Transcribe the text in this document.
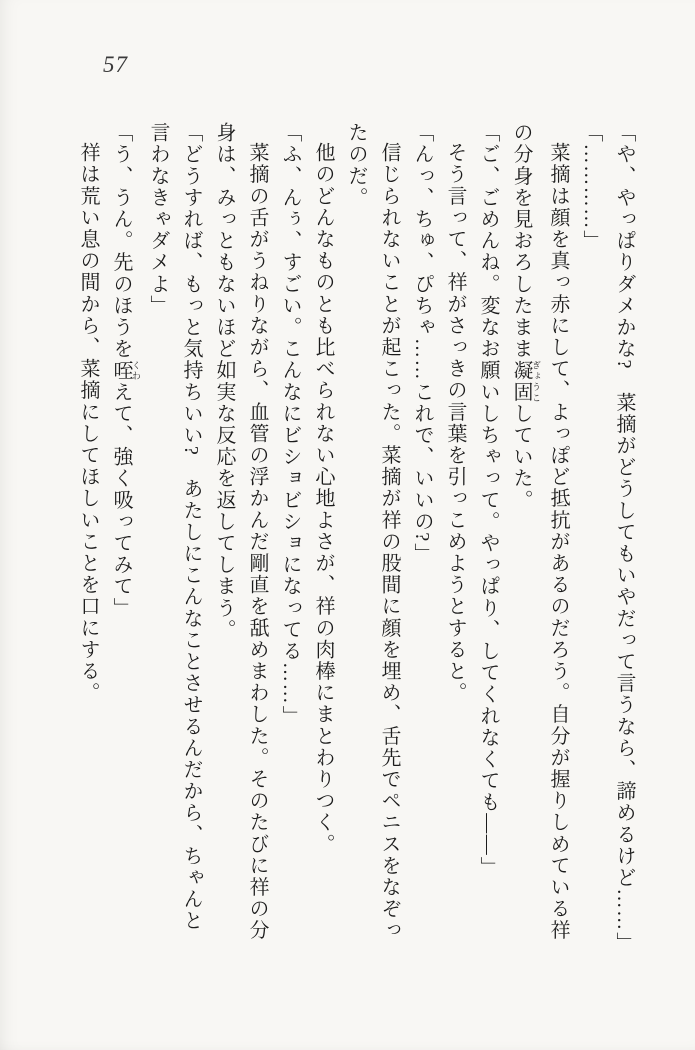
57
「や、やっぱりダメかな?　菜摘がどうしてもいやだって言うなら、諦めるけど……」
「…………」
菜摘は顔を真っ赤にして、よっぽど抵抗があるのだろう。自分が握りしめている祥
の分身を見おろしたまま凝固 ぎょうこしていた。
「ご、ごめんね。変なお願いしちゃって。やっぱり、してくれなくても――」
そう言って、祥がさっきの言葉を引っこめようとすると。
「んっ、ちゅ、ぴちゃ……これで、いいの?」
信じられないことが起こった。菜摘が祥の股間に顔を埋め、舌先でペニスをなぞっ
たのだ。
他のどんなものとも比べられない心地よさが、祥の肉棒にまとわりつく。
「ふ、んぅ、すごい。こんなにビショビショになってる……」
菜摘の舌がうねりながら、血管の浮かんだ剛直を舐めまわした。そのたびに祥の分
身は、みっともないほど如実な反応を返してしまう。
「どうすれば、もっと気持ちいい?　あたしにこんなことさせるんだから、ちゃんと
言わなきゃダメよ」
「う、うん。先のほうを咥 くわえて、強く吸ってみて」
祥は荒い息の間から、菜摘にしてほしいことを口にする。
